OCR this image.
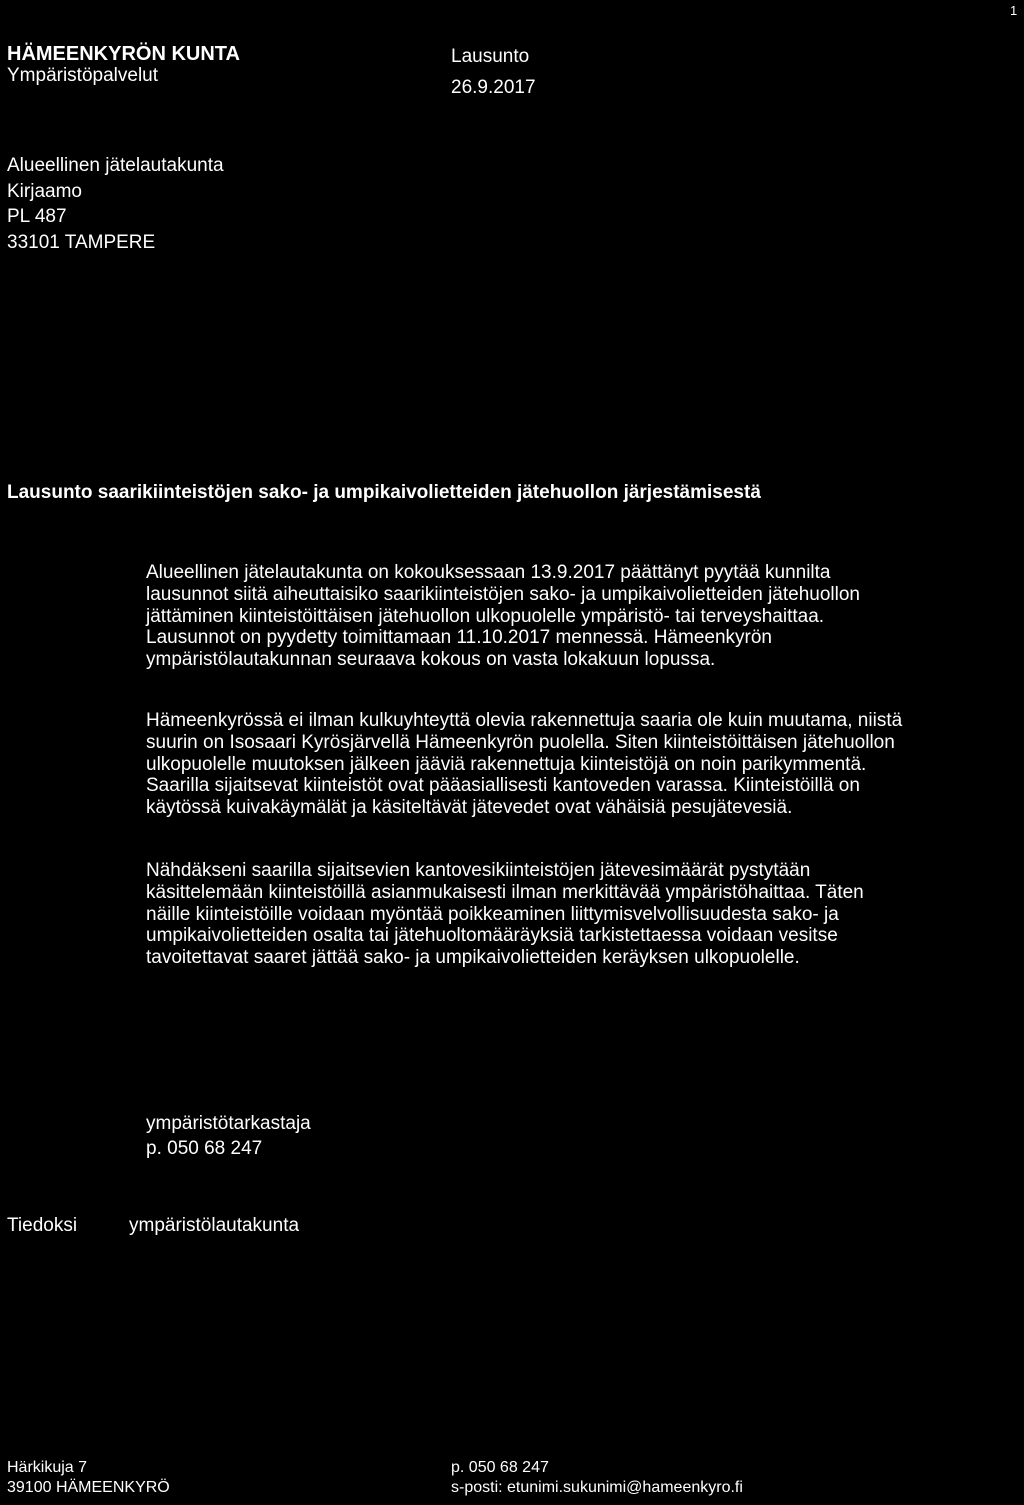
1
HÄMEENKYRÖN KUNTA
Ympäristöpalvelut
Lausunto
26.9.2017
Alueellinen jätelautakunta
Kirjaamo
PL 487
33101 TAMPERE
Lausunto saarikiinteistöjen sako- ja umpikaivolietteiden jätehuollon järjestämisestä
Alueellinen jätelautakunta on kokouksessaan 13.9.2017 päättänyt pyytää kunnilta
lausunnot siitä aiheuttaisiko saarikiinteistöjen sako- ja umpikaivolietteiden jätehuollon
jättäminen kiinteistöittäisen jätehuollon ulkopuolelle ympäristö- tai terveyshaittaa.
Lausunnot on pyydetty toimittamaan 11.10.2017 mennessä. Hämeenkyrön
ympäristölautakunnan seuraava kokous on vasta lokakuun lopussa.
Hämeenkyrössä ei ilman kulkuyhteyttä olevia rakennettuja saaria ole kuin muutama, niistä
suurin on Isosaari Kyrösjärvellä Hämeenkyrön puolella. Siten kiinteistöittäisen jätehuollon
ulkopuolelle muutoksen jälkeen jääviä rakennettuja kiinteistöjä on noin parikymmentä.
Saarilla sijaitsevat kiinteistöt ovat pääasiallisesti kantoveden varassa. Kiinteistöillä on
käytössä kuivakäymälät ja käsiteltävät jätevedet ovat vähäisiä pesujätevesiä.
Nähdäkseni saarilla sijaitsevien kantovesikiinteistöjen jätevesimäärät pystytään
käsittelemään kiinteistöillä asianmukaisesti ilman merkittävää ympäristöhaittaa. Täten
näille kiinteistöille voidaan myöntää poikkeaminen liittymisvelvollisuudesta sako- ja
umpikaivolietteiden osalta tai jätehuoltomääräyksiä tarkistettaessa voidaan vesitse
tavoitettavat saaret jättää sako- ja umpikaivolietteiden keräyksen ulkopuolelle.
ympäristötarkastaja
p. 050 68 247
Tiedoksi	ympäristölautakunta
Härkikuja 7
39100 HÄMEENKYRÖ
p. 050 68 247
s-posti: etunimi.sukunimi@hameenkyro.fi
